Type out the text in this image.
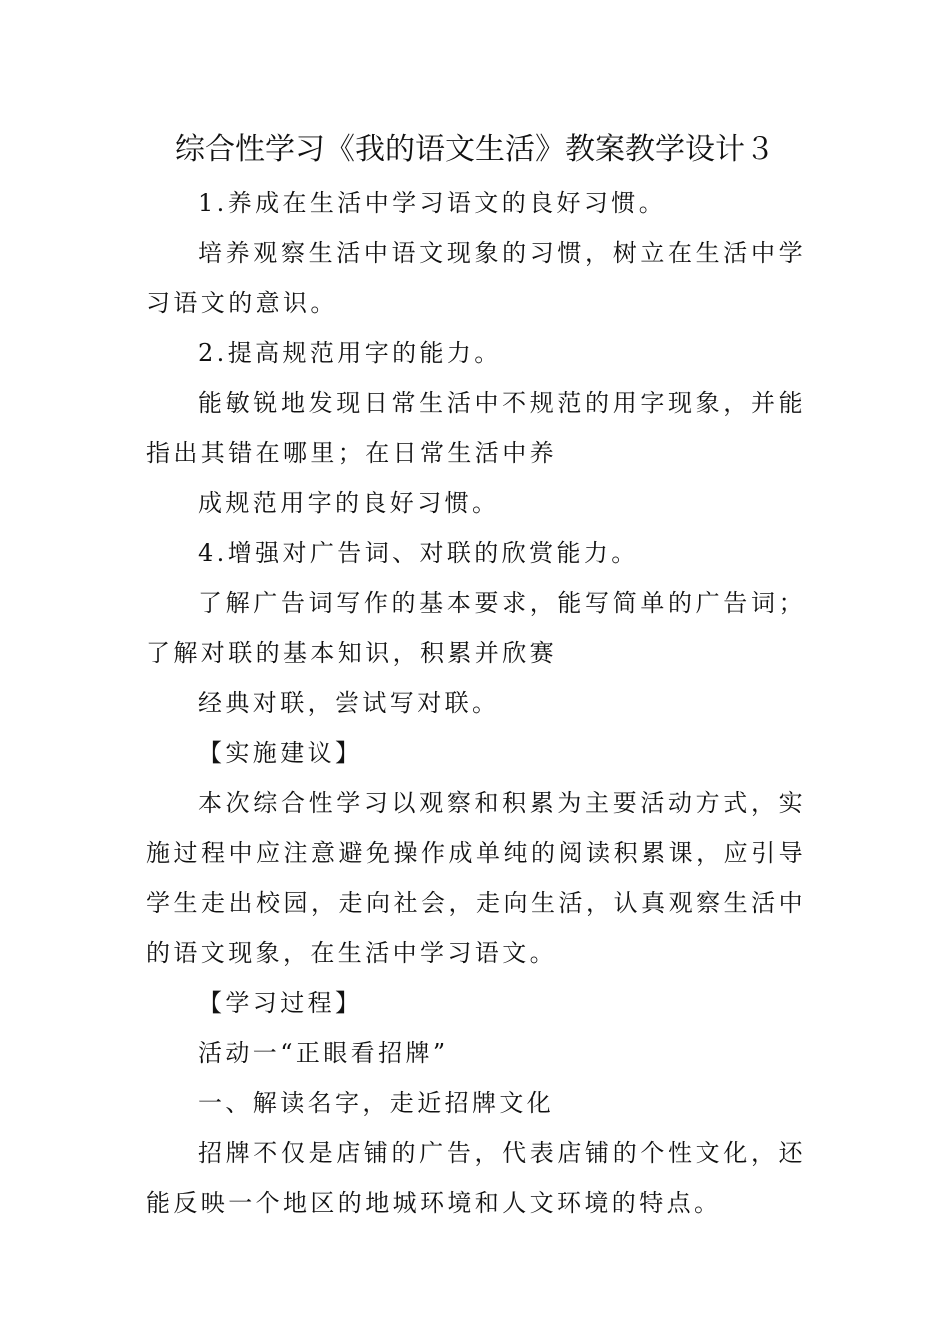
综合性学习《我的语文生活》教案教学设计３

1.养成在生活中学习语文的良好习惯。

培养观察生活中语文现象的习惯，树立在生活中学习语文的意识。

2.提高规范用字的能力。

能敏锐地发现日常生活中不规范的用字现象，并能指出其错在哪里；在日常生活中养

成规范用字的良好习惯。

4.增强对广告词、对联的欣赏能力。

了解广告词写作的基本要求，能写简单的广告词；了解对联的基本知识，积累并欣赛

经典对联，尝试写对联。

【实施建议】

本次综合性学习以观察和积累为主要活动方式，实施过程中应注意避免操作成单纯的阅读积累课，应引导学生走出校园，走向社会，走向生活，认真观察生活中的语文现象，在生活中学习语文。

【学习过程】

活动一“正眼看招牌”

一、解读名字，走近招牌文化

招牌不仅是店铺的广告，代表店铺的个性文化，还能反映一个地区的地城环境和人文环境的特点。
